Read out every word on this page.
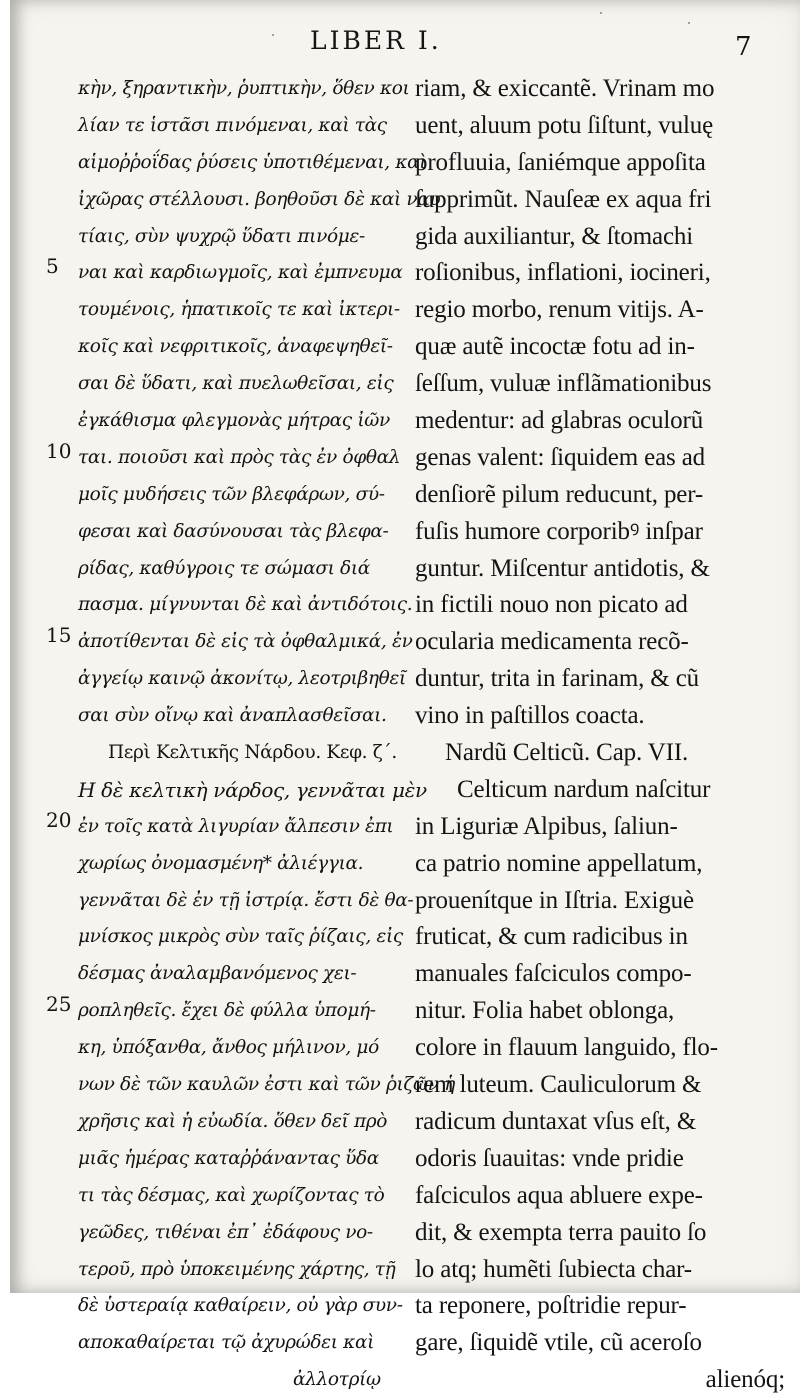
LIBER I.	7
κὴν, ξηραντικὴν, ῥυπτικὴν, ὅθεν κοι
λίαν τε ἱστᾶσι πινόμεναι, καὶ τὰς
αἱμοῤῥοΐδας ῥύσεις ὑποτιθέμεναι, καὶ
ἰχῶρας στέλλουσι. βοηθοῦσι δὲ καὶ ναυ
τίαις, σὺν ψυχρῷ ὕδατι πινόμε-
ναι καὶ καρδιωγμοῖς, καὶ ἐμπνευμα
τουμένοις, ἡπατικοῖς τε καὶ ἰκτερι-
κοῖς καὶ νεφριτικοῖς, ἀναφεψηθεῖ-
σαι δὲ ὕδατι, καὶ πυελωθεῖσαι, εἰς
ἐγκάθισμα φλεγμονὰς μήτρας ἰῶν
ται. ποιοῦσι καὶ πρὸς τὰς ἐν ὀφθαλ
μοῖς μυδήσεις τῶν βλεφάρων, σύ-
φεσαι καὶ δασύνουσαι τὰς βλεφα-
ρίδας, καθύγροις τε σώμασι διά
πασμα. μίγνυνται δὲ καὶ ἀντιδότοις.
ἀποτίθενται δὲ εἰς τὰ ὀφθαλμικά, ἐν
ἀγγείῳ καινῷ ἀκονίτῳ, λεοτριβηθεῖ
σαι σὺν οἴνῳ καὶ ἀναπλασθεῖσαι.
Περὶ Κελτικῆς Νάρδου. Κεφ. ζ´.
Η δὲ κελτικὴ νάρδος, γεννᾶται μὲν
ἐν τοῖς κατὰ λιγυρίαν ἄλπεσιν ἐπι
χωρίως ὀνομασμένη* ἀλιέγγια.
γεννᾶται δὲ ἐν τῇ ἰστρίᾳ. ἔστι δὲ θα-
μνίσκος μικρὸς σὺν ταῖς ῥίζαις, εἰς
δέσμας ἀναλαμβανόμενος χει-
ροπληθεῖς. ἔχει δὲ φύλλα ὑπομή-
κη, ὑπόξανθα, ἄνθος μήλινον, μό
νων δὲ τῶν καυλῶν ἐστι καὶ τῶν ῥιζῶν ἡ
χρῆσις καὶ ἡ εὐωδία. ὅθεν δεῖ πρὸ
μιᾶς ἡμέρας καταῤῥάναντας ὕδα
τι τὰς δέσμας, καὶ χωρίζοντας τὸ
γεῶδες, τιθέναι ἐπ᾽ ἐδάφους νο-
τεροῦ, πρὸ ὑποκειμένης χάρτης, τῇ
δὲ ὑστεραίᾳ καθαίρειν, οὐ γὰρ συν-
αποκαθαίρεται τῷ ἀχυρώδει καὶ
ἀλλοτρίῳ
5
10
15
20
25
riam, & exiccantẽ. Vrinam mo
uent, aluum potu ſiſtunt, vuluę
profluuia, ſaniémque appoſita
ſupprimũt. Nauſeæ ex aqua fri
gida auxiliantur, & ſtomachi
roſionibus, inflationi, iocineri,
regio morbo, renum vitijs. A-
quæ autẽ incoctæ fotu ad in-
ſeſſum, vuluæ inflãmationibus
medentur: ad glabras oculorũ
genas valent: ſiquidem eas ad
denſiorẽ pilum reducunt, per-
fuſis humore corporibꝰ inſpar
guntur. Miſcentur antidotis, &
in fictili nouo non picato ad
ocularia medicamenta recõ-
duntur, trita in farinam, & cũ
vino in paſtillos coacta.
Nardũ Celticũ. Cap. VII.
Celticum nardum naſcitur
in Liguriæ Alpibus, ſaliun-
ca patrio nomine appellatum,
prouenítque in Iſtria. Exiguè
fruticat, & cum radicibus in
manuales faſciculos compo-
nitur. Folia habet oblonga,
colore in flauum languido, flo-
rem luteum. Cauliculorum &
radicum duntaxat vſus eſt, &
odoris ſuauitas: vnde pridie
faſciculos aqua abluere expe-
dit, & exempta terra pauito ſo
lo atq; humẽti ſubiecta char-
ta reponere, poſtridie repur-
gare, ſiquidẽ vtile, cũ aceroſo
alienóq;
